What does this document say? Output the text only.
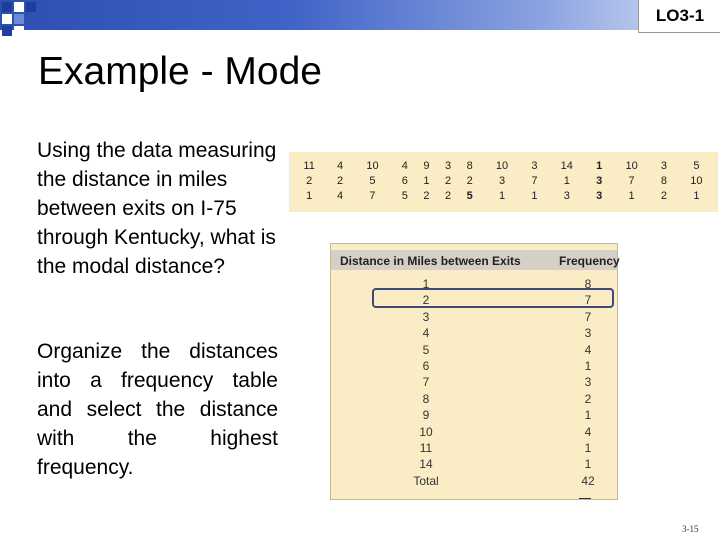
LO3-1
Example - Mode
Using the data measuring the distance in miles between exits on I-75 through Kentucky, what is the modal distance?
Organize the distances into a frequency table and select the distance with the highest frequency.
11	4	10	4	9	3	8	10	3	14	1	10	3	5
2	2	5	6	1	2	2	3	7	1	3	7	8	10
1	4	7	5	2	2	5	1	1	3	3	1	2	1
Distance in Miles between Exits	Frequency
1	8
2	7
3	7
4	3
5	4
6	1
7	3
8	2
9	1
10	4
11	1
14	1
Total	42
3-15
